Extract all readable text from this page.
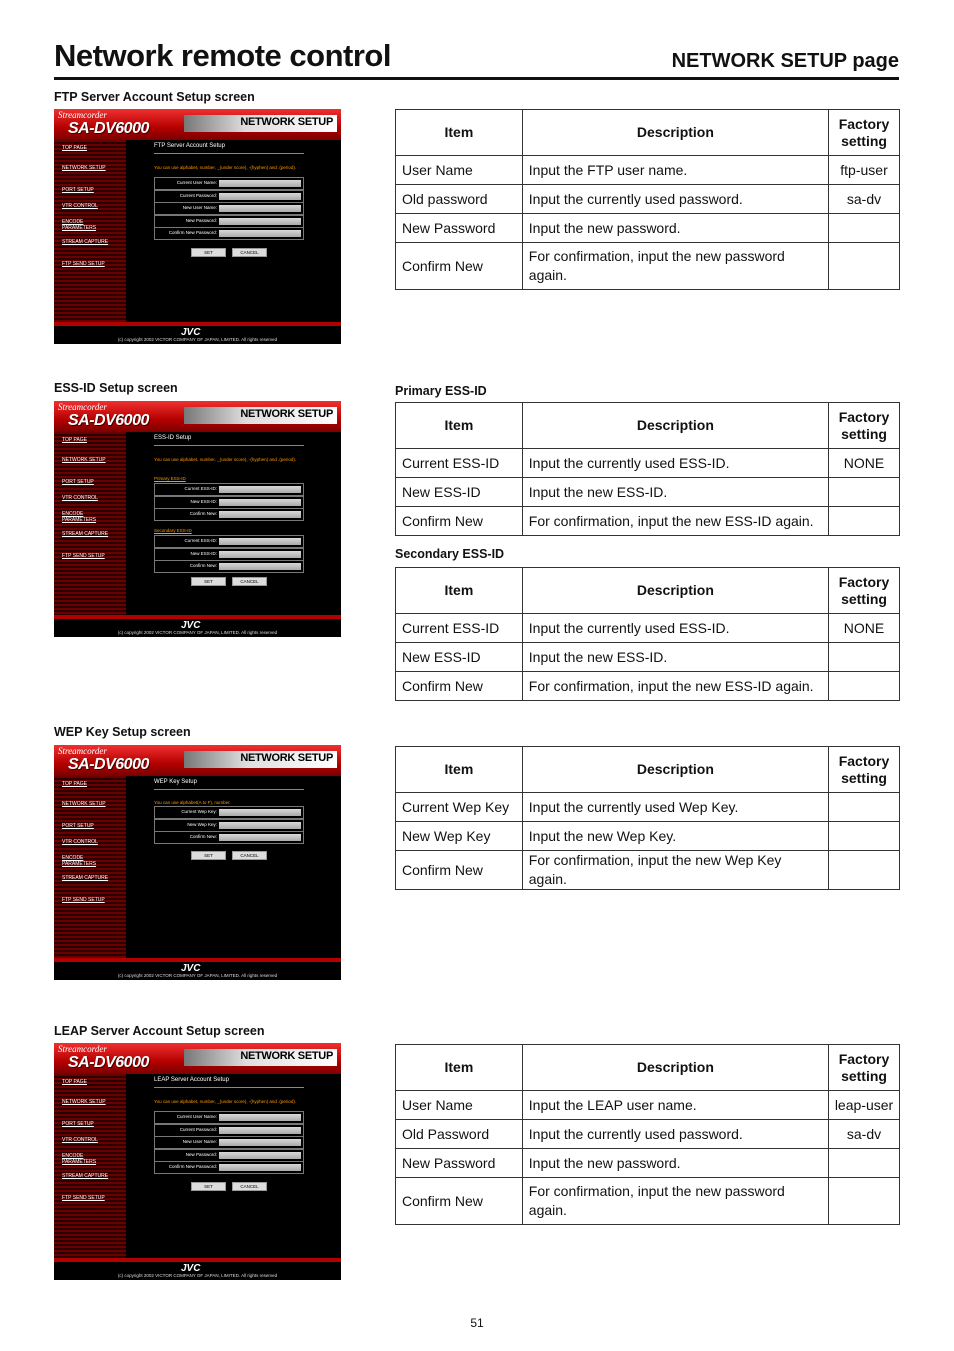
Network remote control	NETWORK SETUP page
FTP Server Account Setup screen
ESS-ID Setup screen
WEP Key Setup screen
LEAP Server Account Setup screen
Primary ESS-ID
Secondary ESS-ID
Streamcorder
SA-DV6000	NETWORK SETUP
TOP PAGE
NETWORK SETUP
PORT SETUP
VTR CONTROL
ENCODE PARAMETERS
STREAM CAPTURE
FTP SEND SETUP
JVC
(c) copyright 2002 VICTOR COMPANY OF JAPAN, LIMITED. All rights reserved
FTP Server Account Setup
You can use alphabet, number, _(under score), -(hyphen) and .(period).
Current User Name:
Current Password:
New User Name:
New Password:
Confirm New Password:
SET	CANCEL
Streamcorder
SA-DV6000	NETWORK SETUP
TOP PAGE
NETWORK SETUP
PORT SETUP
VTR CONTROL
ENCODE PARAMETERS
STREAM CAPTURE
FTP SEND SETUP
JVC
(c) copyright 2002 VICTOR COMPANY OF JAPAN, LIMITED. All rights reserved
ESS-ID Setup
You can use alphabet, number, _(under score), -(hyphen) and .(period).
Primary ESS-ID
Current ESS-ID:
New ESS-ID:
Confirm New:
Secondary ESS-ID
Current ESS-ID:
New ESS-ID:
Confirm New:
SET	CANCEL
Streamcorder
SA-DV6000	NETWORK SETUP
TOP PAGE
NETWORK SETUP
PORT SETUP
VTR CONTROL
ENCODE PARAMETERS
STREAM CAPTURE
FTP SEND SETUP
JVC
(c) copyright 2002 VICTOR COMPANY OF JAPAN, LIMITED. All rights reserved
WEP Key Setup
You can use alphabet(A to F), number.
Current Wep Key:
New Wep Key:
Confirm New:
SET	CANCEL
Streamcorder
SA-DV6000	NETWORK SETUP
TOP PAGE
NETWORK SETUP
PORT SETUP
VTR CONTROL
ENCODE PARAMETERS
STREAM CAPTURE
FTP SEND SETUP
JVC
(c) copyright 2002 VICTOR COMPANY OF JAPAN, LIMITED. All rights reserved
LEAP Server Account Setup
You can use alphabet, number, _(under score), -(hyphen) and .(period).
Current User Name:
Current Password:
New User Name:
New Password:
Confirm New Password:
SET	CANCEL
Item	Description	Factory setting
User Name	Input the FTP user name.	ftp-user
Old password	Input the currently used password.	sa-dv
New Password	Input the new password.	
Confirm New	For confirmation, input the new password again.	
Item	Description	Factory setting
Current ESS-ID	Input the currently used ESS-ID.	NONE
New ESS-ID	Input the new ESS-ID.	
Confirm New	For confirmation, input the new ESS-ID again.	
Item	Description	Factory setting
Current ESS-ID	Input the currently used ESS-ID.	NONE
New ESS-ID	Input the new ESS-ID.	
Confirm New	For confirmation, input the new ESS-ID again.	
Item	Description	Factory setting
Current Wep Key	Input the currently used Wep Key.	
New Wep Key	Input the new Wep Key.	
Confirm New	For confirmation, input the new Wep Key again.	
Item	Description	Factory setting
User Name	Input the LEAP user name.	leap-user
Old Password	Input the currently used password.	sa-dv
New Password	Input the new password.	
Confirm New	For confirmation, input the new password again.	
51
